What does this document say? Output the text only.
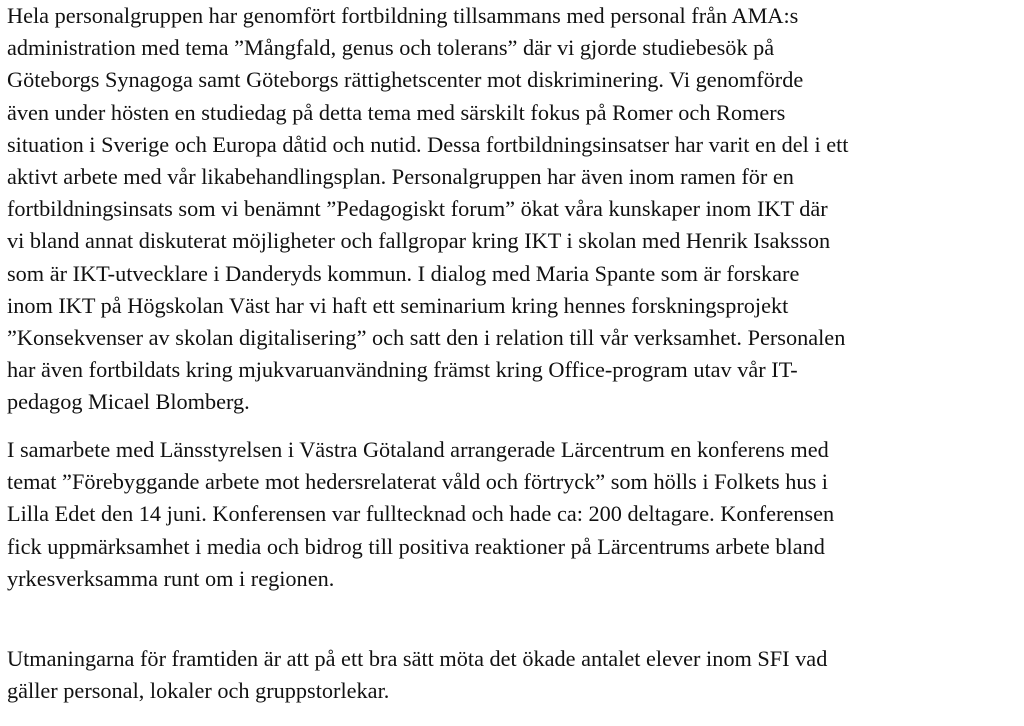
Hela personalgruppen har genomfört fortbildning tillsammans med personal från AMA:s
administration med tema ”Mångfald, genus och tolerans” där vi gjorde studiebesök på
Göteborgs Synagoga samt Göteborgs rättighetscenter mot diskriminering. Vi genomförde
även under hösten en studiedag på detta tema med särskilt fokus på Romer och Romers
situation i Sverige och Europa dåtid och nutid. Dessa fortbildningsinsatser har varit en del i ett
aktivt arbete med vår likabehandlingsplan. Personalgruppen har även inom ramen för en
fortbildningsinsats som vi benämnt ”Pedagogiskt forum” ökat våra kunskaper inom IKT där
vi bland annat diskuterat möjligheter och fallgropar kring IKT i skolan med Henrik Isaksson
som är IKT-utvecklare i Danderyds kommun. I dialog med Maria Spante som är forskare
inom IKT på Högskolan Väst har vi haft ett seminarium kring hennes forskningsprojekt
”Konsekvenser av skolan digitalisering” och satt den i relation till vår verksamhet. Personalen
har även fortbildats kring mjukvaruanvändning främst kring Office-program utav vår IT-
pedagog Micael Blomberg.

I samarbete med Länsstyrelsen i Västra Götaland arrangerade Lärcentrum en konferens med
temat ”Förebyggande arbete mot hedersrelaterat våld och förtryck” som hölls i Folkets hus i
Lilla Edet den 14 juni. Konferensen var fulltecknad och hade ca: 200 deltagare. Konferensen
fick uppmärksamhet i media och bidrog till positiva reaktioner på Lärcentrums arbete bland
yrkesverksamma runt om i regionen.

Utmaningarna för framtiden är att på ett bra sätt möta det ökade antalet elever inom SFI vad
gäller personal, lokaler och gruppstorlekar.
